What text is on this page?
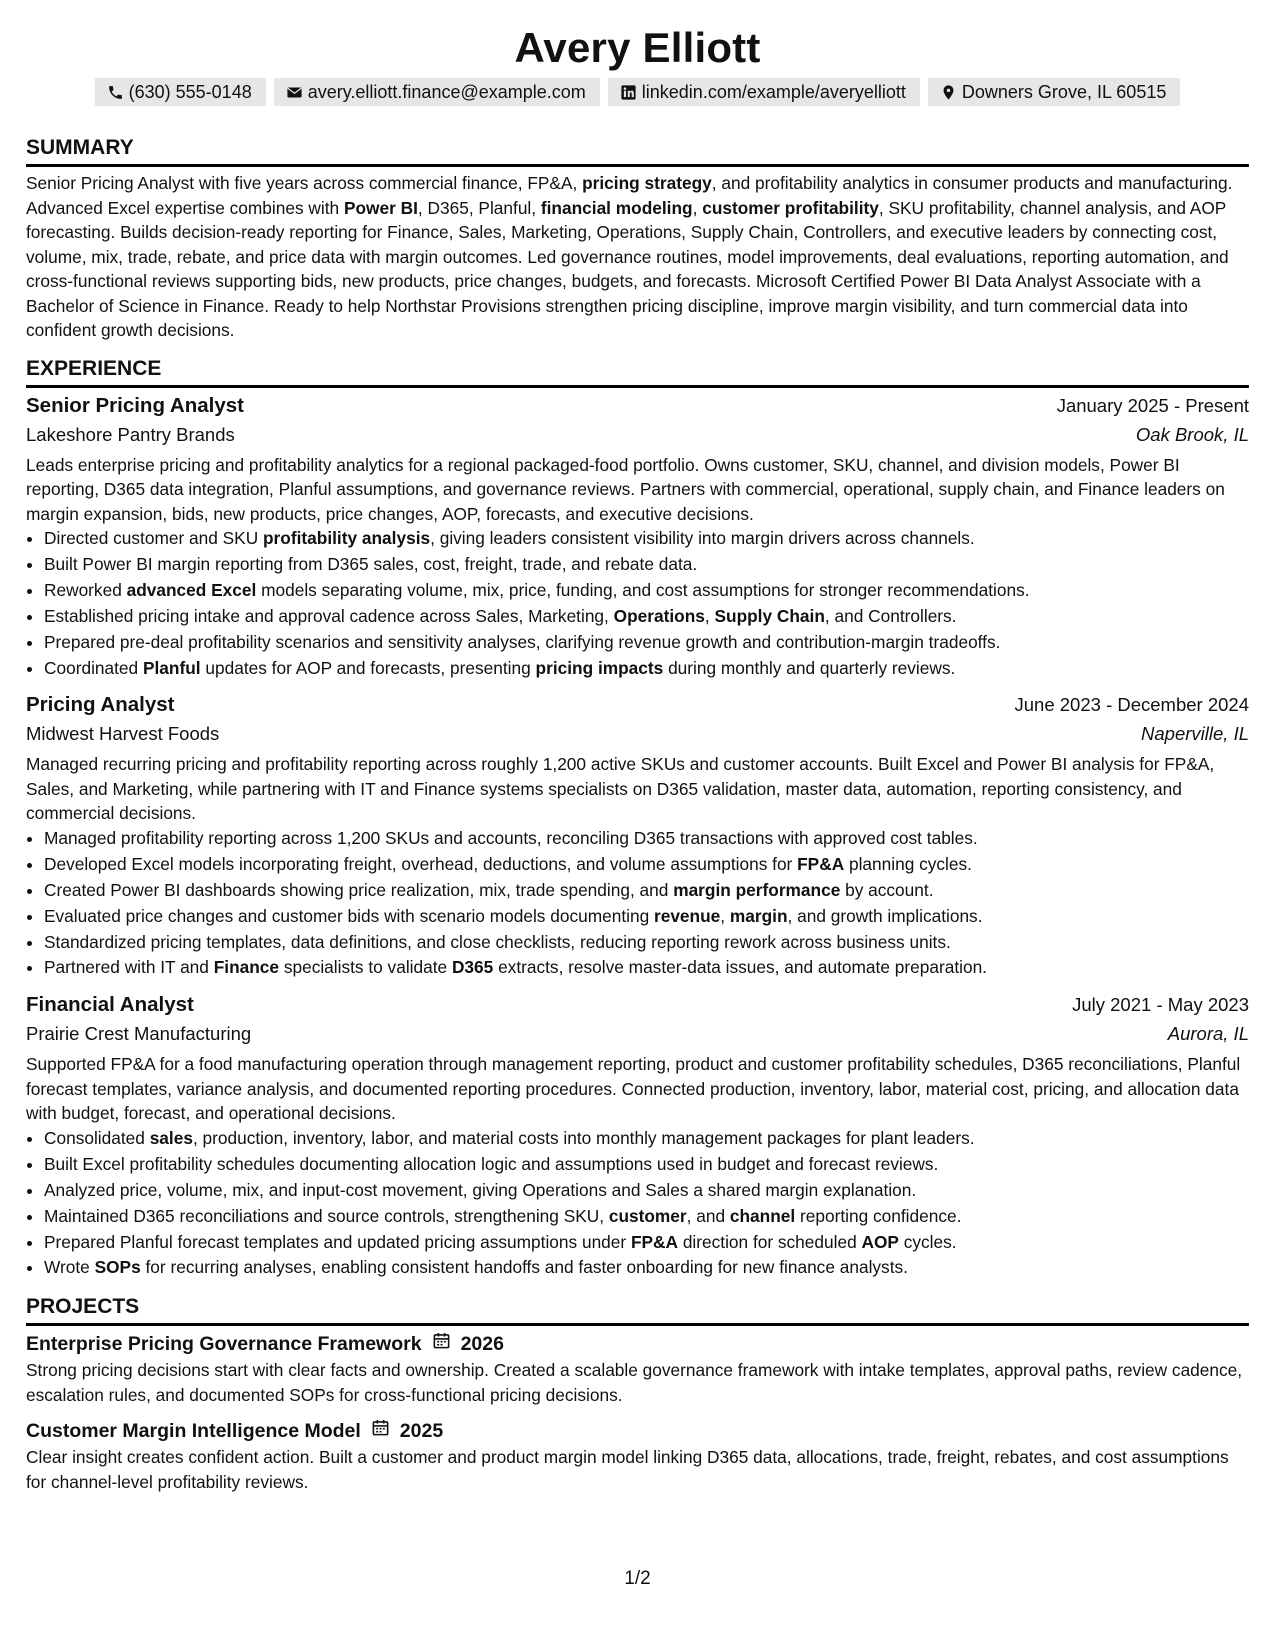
Avery Elliott
(630) 555-0148	avery.elliott.finance@example.com	linkedin.com/example/averyelliott	Downers Grove, IL 60515
SUMMARY

Senior Pricing Analyst with five years across commercial finance, FP&A, pricing strategy, and profitability analytics in consumer products and manufacturing. Advanced Excel expertise combines with Power BI, D365, Planful, financial modeling, customer profitability, SKU profitability, channel analysis, and AOP forecasting. Builds decision-ready reporting for Finance, Sales, Marketing, Operations, Supply Chain, Controllers, and executive leaders by connecting cost, volume, mix, trade, rebate, and price data with margin outcomes. Led governance routines, model improvements, deal evaluations, reporting automation, and cross-functional reviews supporting bids, new products, price changes, budgets, and forecasts. Microsoft Certified Power BI Data Analyst Associate with a Bachelor of Science in Finance. Ready to help Northstar Provisions strengthen pricing discipline, improve margin visibility, and turn commercial data into confident growth decisions.

EXPERIENCE
Senior Pricing Analyst	January 2025 - Present
Lakeshore Pantry Brands	Oak Brook, IL

Leads enterprise pricing and profitability analytics for a regional packaged-food portfolio. Owns customer, SKU, channel, and division models, Power BI reporting, D365 data integration, Planful assumptions, and governance reviews. Partners with commercial, operational, supply chain, and Finance leaders on margin expansion, bids, new products, price changes, AOP, forecasts, and executive decisions.

• Directed customer and SKU profitability analysis, giving leaders consistent visibility into margin drivers across channels.
• Built Power BI margin reporting from D365 sales, cost, freight, trade, and rebate data.
• Reworked advanced Excel models separating volume, mix, price, funding, and cost assumptions for stronger recommendations.
• Established pricing intake and approval cadence across Sales, Marketing, Operations, Supply Chain, and Controllers.
• Prepared pre-deal profitability scenarios and sensitivity analyses, clarifying revenue growth and contribution-margin tradeoffs.
• Coordinated Planful updates for AOP and forecasts, presenting pricing impacts during monthly and quarterly reviews.
Pricing Analyst	June 2023 - December 2024
Midwest Harvest Foods	Naperville, IL

Managed recurring pricing and profitability reporting across roughly 1,200 active SKUs and customer accounts. Built Excel and Power BI analysis for FP&A, Sales, and Marketing, while partnering with IT and Finance systems specialists on D365 validation, master data, automation, reporting consistency, and commercial decisions.

• Managed profitability reporting across 1,200 SKUs and accounts, reconciling D365 transactions with approved cost tables.
• Developed Excel models incorporating freight, overhead, deductions, and volume assumptions for FP&A planning cycles.
• Created Power BI dashboards showing price realization, mix, trade spending, and margin performance by account.
• Evaluated price changes and customer bids with scenario models documenting revenue, margin, and growth implications.
• Standardized pricing templates, data definitions, and close checklists, reducing reporting rework across business units.
• Partnered with IT and Finance specialists to validate D365 extracts, resolve master-data issues, and automate preparation.
Financial Analyst	July 2021 - May 2023
Prairie Crest Manufacturing	Aurora, IL

Supported FP&A for a food manufacturing operation through management reporting, product and customer profitability schedules, D365 reconciliations, Planful forecast templates, variance analysis, and documented reporting procedures. Connected production, inventory, labor, material cost, pricing, and allocation data with budget, forecast, and operational decisions.

• Consolidated sales, production, inventory, labor, and material costs into monthly management packages for plant leaders.
• Built Excel profitability schedules documenting allocation logic and assumptions used in budget and forecast reviews.
• Analyzed price, volume, mix, and input-cost movement, giving Operations and Sales a shared margin explanation.
• Maintained D365 reconciliations and source controls, strengthening SKU, customer, and channel reporting confidence.
• Prepared Planful forecast templates and updated pricing assumptions under FP&A direction for scheduled AOP cycles.
• Wrote SOPs for recurring analyses, enabling consistent handoffs and faster onboarding for new finance analysts.
PROJECTS
Enterprise Pricing Governance Framework 2026

Strong pricing decisions start with clear facts and ownership. Created a scalable governance framework with intake templates, approval paths, review cadence, escalation rules, and documented SOPs for cross-functional pricing decisions.

Customer Margin Intelligence Model 2025

Clear insight creates confident action. Built a customer and product margin model linking D365 data, allocations, trade, freight, rebates, and cost assumptions for channel-level profitability reviews.

1/2
